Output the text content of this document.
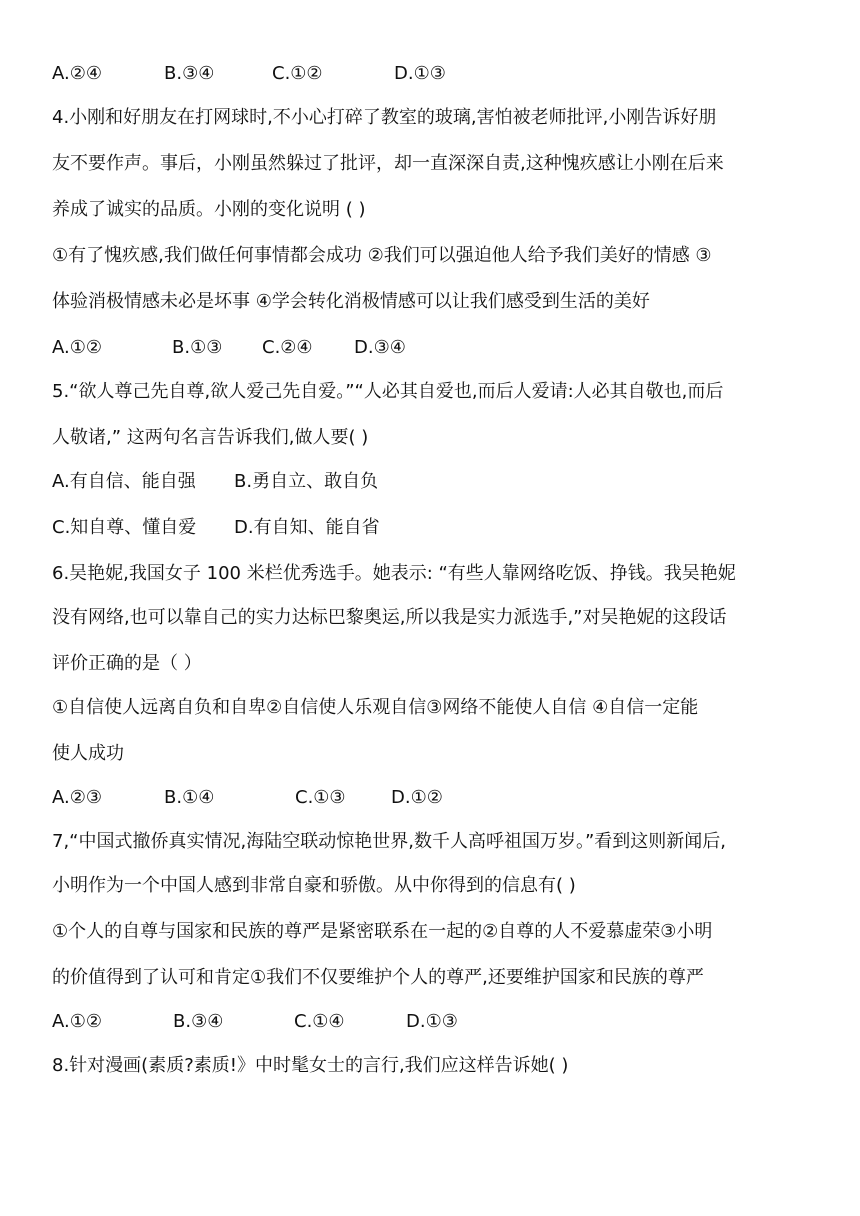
A.②④	B.③④	C.①②	D.①③
4.小刚和好朋友在打网球时,不小心打碎了教室的玻璃,害怕被老师批评,小刚告诉好朋
友不要作声。事后，小刚虽然躲过了批评，却一直深深自责,这种愧疚感让小刚在后来
养成了诚实的品质。小刚的变化说明 ( )
①有了愧疚感,我们做任何事情都会成功 ②我们可以强迫他人给予我们美好的情感 ③
体验消极情感未必是坏事 ④学会转化消极情感可以让我们感受到生活的美好
A.①②	B.①③ C.②④ D.③④
5.“欲人尊己先自尊,欲人爱己先自爱。”“人必其自爱也,而后人爱请:人必其自敬也,而后
人敬诸,” 这两句名言告诉我们,做人要( )
A.有自信、能自强 B.勇自立、敢自负
C.知自尊、懂自爱 D.有自知、能自省
6.吴艳妮,我国女子 100 米栏优秀选手。她表示: “有些人靠网络吃饭、挣钱。我吴艳妮
没有网络,也可以靠自己的实力达标巴黎奥运,所以我是实力派选手,”对吴艳妮的这段话
评价正确的是（ ）
①自信使人远离自负和自卑②自信使人乐观自信③网络不能使人自信 ④自信一定能
使人成功
A.②③	B.①④	C.①③	D.①②
7,“中国式撤侨真实情况,海陆空联动惊艳世界,数千人高呼祖国万岁。”看到这则新闻后,
小明作为一个中国人感到非常自豪和骄傲。从中你得到的信息有( )
①个人的自尊与国家和民族的尊严是紧密联系在一起的②自尊的人不爱慕虚荣③小明
的价值得到了认可和肯定①我们不仅要维护个人的尊严,还要维护国家和民族的尊严
A.①②	B.③④	C.①④	D.①③
8.针对漫画(素质?素质!》中时髦女士的言行,我们应这样告诉她( )
